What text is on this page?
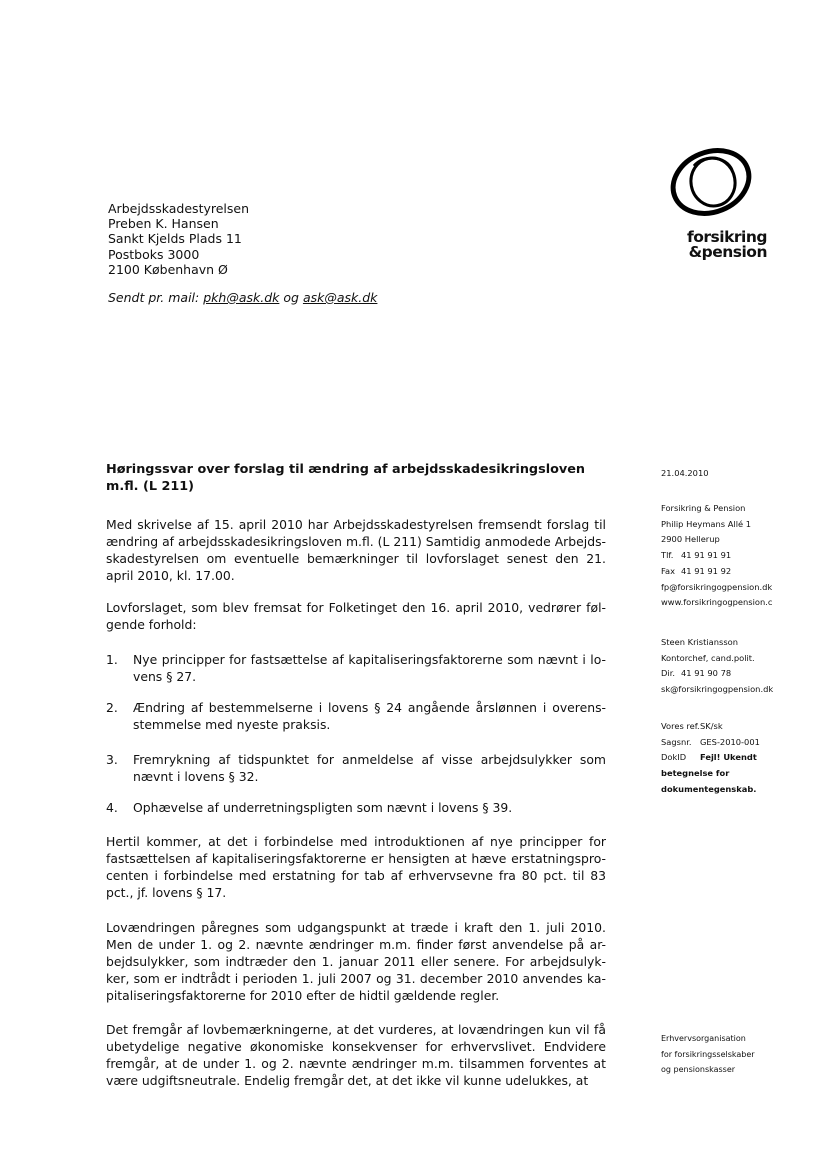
Arbejdsskadestyrelsen
Preben K. Hansen
Sankt Kjelds Plads 11
Postboks 3000
2100 København Ø
Sendt pr. mail: pkh@ask.dk og ask@ask.dk
forsikring
&pension
Høringssvar over forslag til ændring af arbejdsskadesikringsloven m.fl. (L 211)
Med skrivelse af 15. april 2010 har Arbejdsskadestyrelsen fremsendt forslag til ændring af arbejdsskadesikringsloven m.fl. (L 211) Samtidig anmodede Arbejds-skadestyrelsen om eventuelle bemærkninger til lovforslaget senest den 21. april 2010, kl. 17.00.
Lovforslaget, som blev fremsat for Folketinget den 16. april 2010, vedrører føl-gende forhold:
1. Nye principper for fastsættelse af kapitaliseringsfaktorerne som nævnt i lo-vens § 27.
2. Ændring af bestemmelserne i lovens § 24 angående årslønnen i overens-stemmelse med nyeste praksis.
3. Fremrykning af tidspunktet for anmeldelse af visse arbejdsulykker som nævnt i lovens § 32.
4. Ophævelse af underretningspligten som nævnt i lovens § 39.
Hertil kommer, at det i forbindelse med introduktionen af nye principper for fastsættelsen af kapitaliseringsfaktorerne er hensigten at hæve erstatningspro-centen i forbindelse med erstatning for tab af erhvervsevne fra 80 pct. til 83 pct., jf. lovens § 17.
Lovændringen påregnes som udgangspunkt at træde i kraft den 1. juli 2010. Men de under 1. og 2. nævnte ændringer m.m. finder først anvendelse på ar-bejdsulykker, som indtræder den 1. januar 2011 eller senere. For arbejdsulyk-ker, som er indtrådt i perioden 1. juli 2007 og 31. december 2010 anvendes ka-pitaliseringsfaktorerne for 2010 efter de hidtil gældende regler.
Det fremgår af lovbemærkningerne, at det vurderes, at lovændringen kun vil få ubetydelige negative økonomiske konsekvenser for erhvervslivet. Endvidere fremgår, at de under 1. og 2. nævnte ændringer m.m. tilsammen forventes at være udgiftsneutrale. Endelig fremgår det, at det ikke vil kunne udelukkes, at
21.04.2010
Forsikring & Pension
Philip Heymans Allé 1
2900 Hellerup
Tlf. 41 91 91 91
Fax 41 91 91 92
fp@forsikringogpension.dk
www.forsikringogpension.c
Steen Kristiansson
Kontorchef, cand.polit.
Dir. 41 91 90 78
sk@forsikringogpension.dk
Vores ref.SK/sk
Sagsnr. GES-2010-001
DokID Fejl! Ukendt
betegnelse for
dokumentegenskab.
Erhvervsorganisation
for forsikringsselskaber
og pensionskasser
